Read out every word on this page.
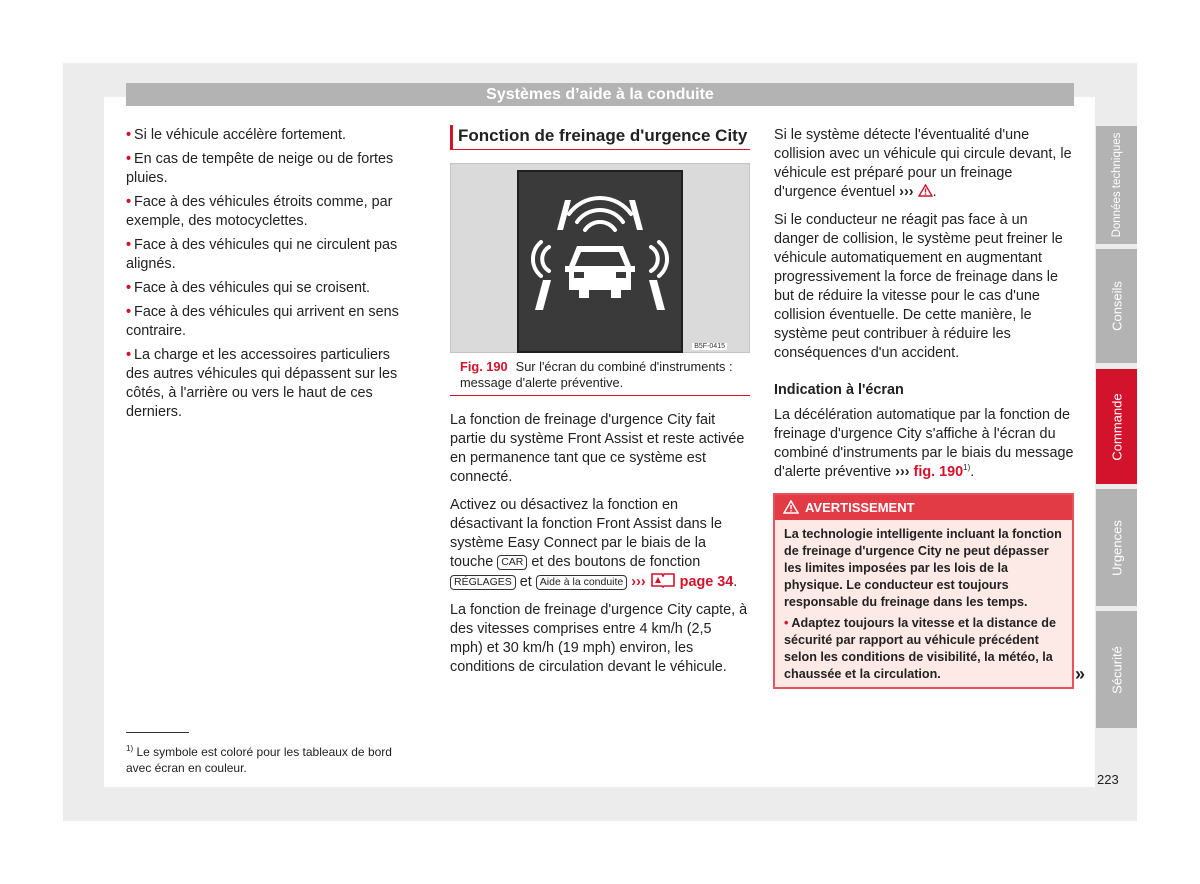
Systèmes d’aide à la conduite

• Si le véhicule accélère fortement.

• En cas de tempête de neige ou de fortes pluies.

• Face à des véhicules étroits comme, par exemple, des motocyclettes.

• Face à des véhicules qui ne circulent pas alignés.

• Face à des véhicules qui se croisent.

• Face à des véhicules qui arrivent en sens contraire.

• La charge et les accessoires particuliers des autres véhicules qui dépassent sur les côtés, à l'arrière ou vers le haut de ces derniers.

$^{1)}$ Le symbole est coloré pour les tableaux de bord avec écran en couleur.
Fonction de freinage d'urgence City
B5F-0415
Fig. 190 Sur l'écran du combiné d'instruments : message d'alerte préventive.

La fonction de freinage d'urgence City fait partie du système Front Assist et reste activée en permanence tant que ce système est connecté.

Activez ou désactivez la fonction en désactivant la fonction Front Assist dans le système Easy Connect par le biais de la touche CAR et des boutons de fonction RÉGLAGES et Aide à la conduite ››› page 34.

La fonction de freinage d'urgence City capte, à des vitesses comprises entre 4 km/h (2,5 mph) et 30 km/h (19 mph) environ, les conditions de circulation devant le véhicule.

Si le système détecte l'éventualité d'une collision avec un véhicule qui circule devant, le véhicule est préparé pour un freinage d'urgence éventuel ››› .

Si le conducteur ne réagit pas face à un danger de collision, le système peut freiner le véhicule automatiquement en augmentant progressivement la force de freinage dans le but de réduire la vitesse pour le cas d'une collision éventuelle. De cette manière, le système peut contribuer à réduire les conséquences d'un accident.

Indication à l'écran

La décélération automatique par la fonction de freinage d'urgence City s'affiche à l'écran du combiné d'instruments par le biais du message d'alerte préventive ››› fig. 190$^{1)}$.

AVERTISSEMENT

La technologie intelligente incluant la fonction de freinage d'urgence City ne peut dépasser les limites imposées par les lois de la physique. Le conducteur est toujours responsable du freinage dans les temps.

• Adaptez toujours la vitesse et la distance de sécurité par rapport au véhicule précédent selon les conditions de visibilité, la météo, la chaussée et la circulation.	»
Données techniques
Conseils
Commande
Urgences
Sécurité
223
